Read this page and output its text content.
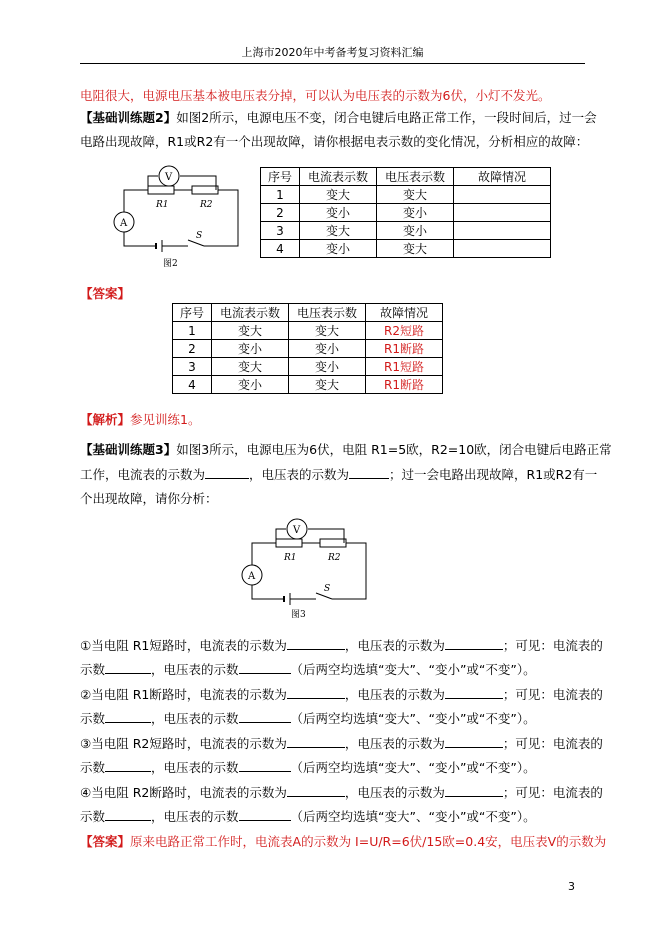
上海市2020年中考备考复习资料汇编
电阻很大，电源电压基本被电压表分掉，可以认为电压表的示数为6伏，小灯不发光。
【基础训练题2】如图2所示，电源电压不变，闭合电键后电路正常工作，一段时间后，过一会
电路出现故障，R1或R2有一个出现故障，请你根据电表示数的变化情况，分析相应的故障：
V
A
R1	R2
S
图2
序号	电流表示数	电压表示数	故障情况
1	变大	变大	
2	变小	变小	
3	变大	变小	
4	变小	变大	
【答案】
序号	电流表示数	电压表示数	故障情况
1	变大	变大	R2短路
2	变小	变小	R1断路
3	变大	变小	R1短路
4	变小	变大	R1断路
【解析】参见训练1。
【基础训练题3】如图3所示，电源电压为6伏，电阻 R1=5欧，R2=10欧，闭合电键后电路正常
工作，电流表的示数为	，电压表的示数为	；过一会电路出现故障，R1或R2有一
个出现故障，请你分析：
V
A
R1	R2
S
图3
①当电阻 R1短路时，电流表的示数为	，电压表的示数为	；可见：电流表的
示数	，电压表的示数	（后两空均选填“变大”、“变小”或“不变”）。
②当电阻 R1断路时，电流表的示数为	，电压表的示数为	；可见：电流表的
示数	，电压表的示数	（后两空均选填“变大”、“变小”或“不变”）。
③当电阻 R2短路时，电流表的示数为	，电压表的示数为	；可见：电流表的
示数	，电压表的示数	（后两空均选填“变大”、“变小”或“不变”）。
④当电阻 R2断路时，电流表的示数为	，电压表的示数为	；可见：电流表的
示数	，电压表的示数	（后两空均选填“变大”、“变小”或“不变”）。
【答案】原来电路正常工作时，电流表A的示数为 I=U/R=6伏/15欧=0.4安，电压表V的示数为
3
